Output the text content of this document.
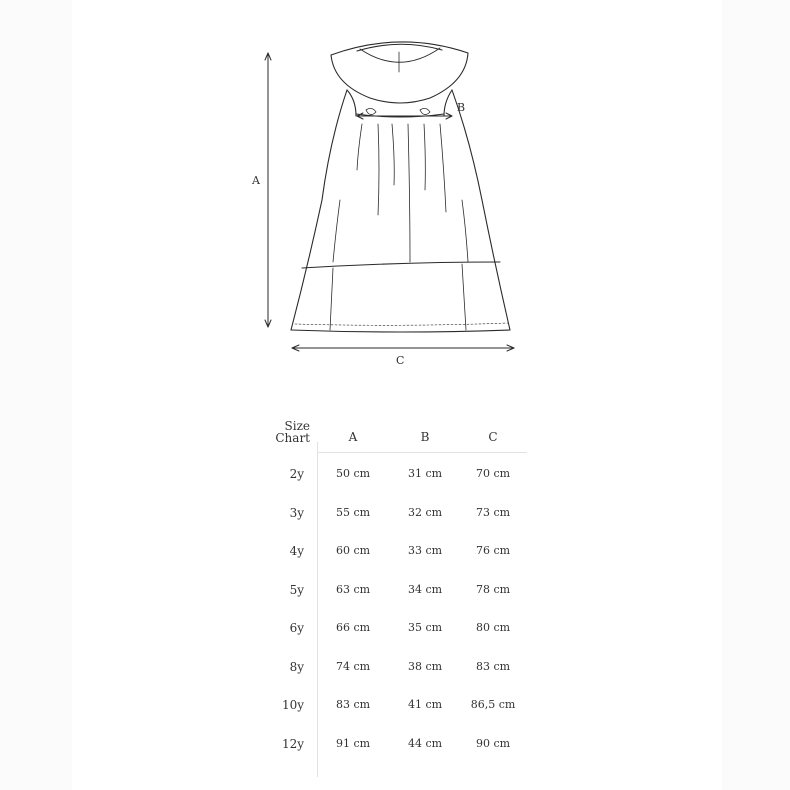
A
B
C
Size
Chart	A	B	C
2y	50 cm	31 cm	70 cm
3y	55 cm	32 cm	73 cm
4y	60 cm	33 cm	76 cm
5y	63 cm	34 cm	78 cm
6y	66 cm	35 cm	80 cm
8y	74 cm	38 cm	83 cm
10y	83 cm	41 cm	86,5 cm
12y	91 cm	44 cm	90 cm
